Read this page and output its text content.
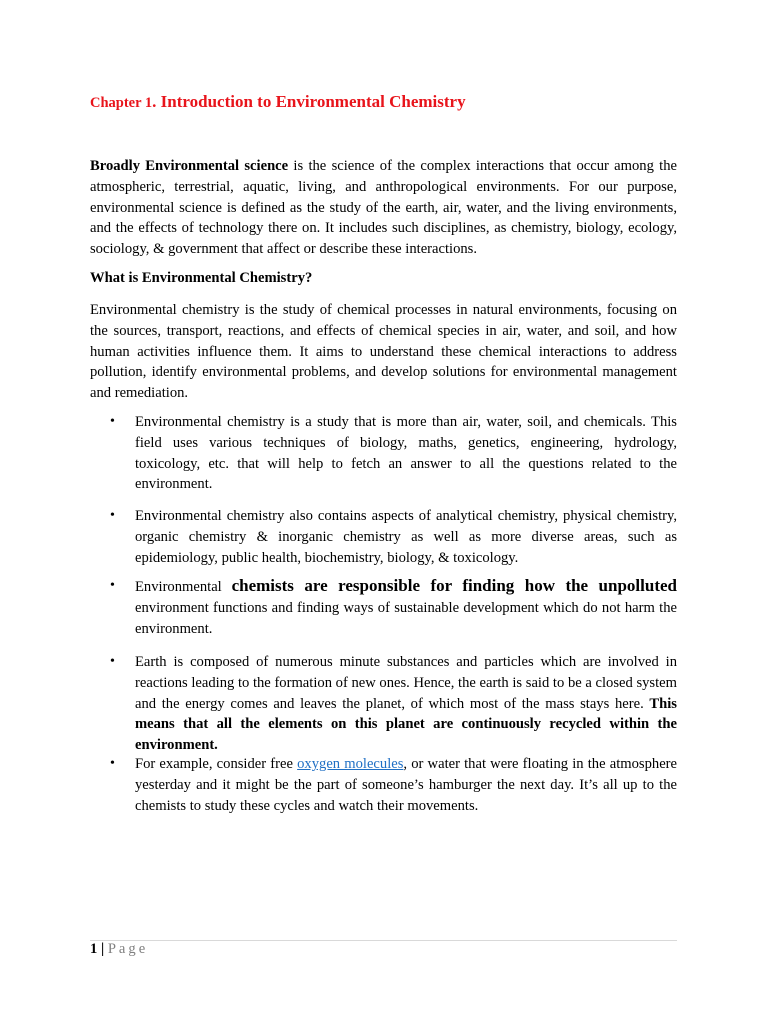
Chapter 1. Introduction to Environmental Chemistry

Broadly Environmental science is the science of the complex interactions that occur among the atmospheric, terrestrial, aquatic, living, and anthropological environments. For our purpose, environmental science is defined as the study of the earth, air, water, and the living environments, and the effects of technology there on. It includes such disciplines, as chemistry, biology, ecology, sociology, & government that affect or describe these interactions.

What is Environmental Chemistry?

Environmental chemistry is the study of chemical processes in natural environments, focusing on the sources, transport, reactions, and effects of chemical species in air, water, and soil, and how human activities influence them. It aims to understand these chemical interactions to address pollution, identify environmental problems, and develop solutions for environmental management and remediation.

• Environmental chemistry is a study that is more than air, water, soil, and chemicals. This field uses various techniques of biology, maths, genetics, engineering, hydrology, toxicology, etc. that will help to fetch an answer to all the questions related to the environment.
• Environmental chemistry also contains aspects of analytical chemistry, physical chemistry, organic chemistry & inorganic chemistry as well as more diverse areas, such as epidemiology, public health, biochemistry, biology, & toxicology.
• Environmental chemists are responsible for finding how the unpolluted environment functions and finding ways of sustainable development which do not harm the environment.
• Earth is composed of numerous minute substances and particles which are involved in reactions leading to the formation of new ones. Hence, the earth is said to be a closed system and the energy comes and leaves the planet, of which most of the mass stays here. This means that all the elements on this planet are continuously recycled within the environment.
• For example, consider free oxygen molecules, or water that were floating in the atmosphere yesterday and it might be the part of someone’s hamburger the next day. It’s all up to the chemists to study these cycles and watch their movements.
1 | Page
